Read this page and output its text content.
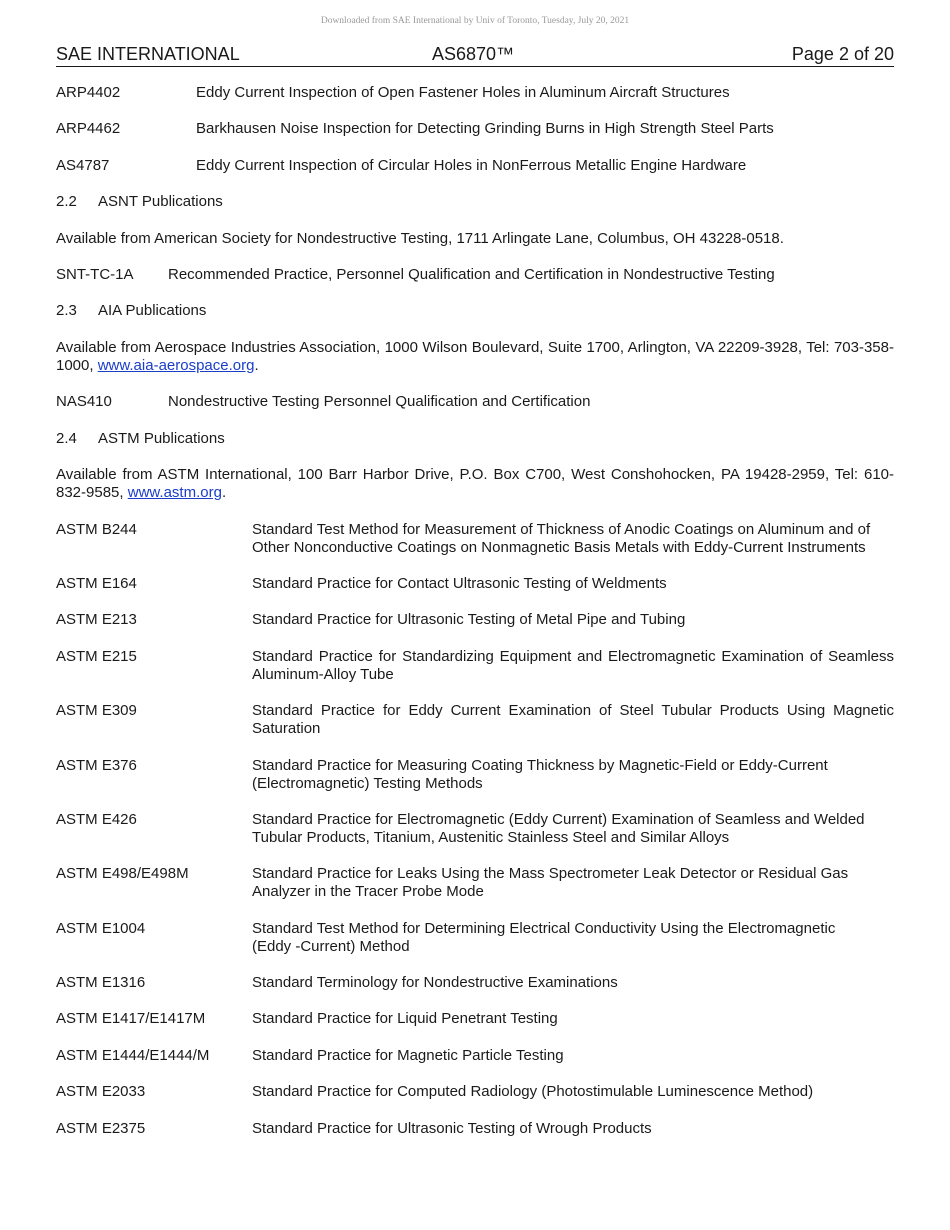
Downloaded from SAE International by Univ of Toronto, Tuesday, July 20, 2021
SAE INTERNATIONAL	AS6870™	Page 2 of 20
ARP4402	Eddy Current Inspection of Open Fastener Holes in Aluminum Aircraft Structures
ARP4462	Barkhausen Noise Inspection for Detecting Grinding Burns in High Strength Steel Parts
AS4787	Eddy Current Inspection of Circular Holes in NonFerrous Metallic Engine Hardware
2.2 ASNT Publications
Available from American Society for Nondestructive Testing, 1711 Arlingate Lane, Columbus, OH 43228-0518.
SNT-TC-1A Recommended Practice, Personnel Qualification and Certification in Nondestructive Testing
2.3 AIA Publications
Available from Aerospace Industries Association, 1000 Wilson Boulevard, Suite 1700, Arlington, VA 22209-3928, Tel: 703-358-1000, www.aia-aerospace.org.
NAS410	Nondestructive Testing Personnel Qualification and Certification
2.4 ASTM Publications
Available from ASTM International, 100 Barr Harbor Drive, P.O. Box C700, West Conshohocken, PA 19428-2959, Tel: 610-832-9585, www.astm.org.
ASTM B244	Standard Test Method for Measurement of Thickness of Anodic Coatings on Aluminum and of Other Nonconductive Coatings on Nonmagnetic Basis Metals with Eddy-Current Instruments
ASTM E164	Standard Practice for Contact Ultrasonic Testing of Weldments
ASTM E213	Standard Practice for Ultrasonic Testing of Metal Pipe and Tubing
ASTM E215	Standard Practice for Standardizing Equipment and Electromagnetic Examination of Seamless Aluminum-Alloy Tube
ASTM E309	Standard Practice for Eddy Current Examination of Steel Tubular Products Using Magnetic Saturation
ASTM E376	Standard Practice for Measuring Coating Thickness by Magnetic-Field or Eddy-Current (Electromagnetic) Testing Methods
ASTM E426	Standard Practice for Electromagnetic (Eddy Current) Examination of Seamless and Welded Tubular Products, Titanium, Austenitic Stainless Steel and Similar Alloys
ASTM E498/E498M	Standard Practice for Leaks Using the Mass Spectrometer Leak Detector or Residual Gas Analyzer in the Tracer Probe Mode
ASTM E1004	Standard Test Method for Determining Electrical Conductivity Using the Electromagnetic (Eddy -Current) Method
ASTM E1316	Standard Terminology for Nondestructive Examinations
ASTM E1417/E1417M	Standard Practice for Liquid Penetrant Testing
ASTM E1444/E1444/M	Standard Practice for Magnetic Particle Testing
ASTM E2033	Standard Practice for Computed Radiology (Photostimulable Luminescence Method)
ASTM E2375	Standard Practice for Ultrasonic Testing of Wrough Products
